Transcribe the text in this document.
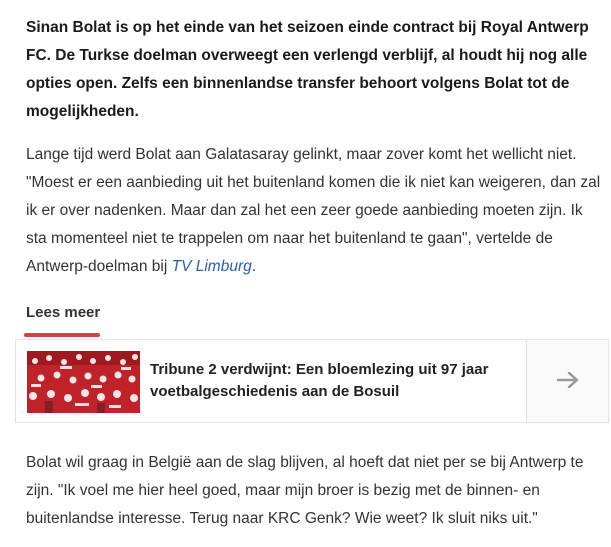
Sinan Bolat is op het einde van het seizoen einde contract bij Royal Antwerp FC. De Turkse doelman overweegt een verlengd verblijf, al houdt hij nog alle opties open. Zelfs een binnenlandse transfer behoort volgens Bolat tot de mogelijkheden.
Lange tijd werd Bolat aan Galatasaray gelinkt, maar zover komt het wellicht niet. "Moest er een aanbieding uit het buitenland komen die ik niet kan weigeren, dan zal ik er over nadenken. Maar dan zal het een zeer goede aanbieding moeten zijn. Ik sta momenteel niet te trappelen om naar het buitenland te gaan", vertelde de Antwerp-doelman bij TV Limburg.
Lees meer
Tribune 2 verdwijnt: Een bloemlezing uit 97 jaar voetbalgeschiedenis aan de Bosuil
Bolat wil graag in België aan de slag blijven, al hoeft dat niet per se bij Antwerp te zijn. "Ik voel me hier heel goed, maar mijn broer is bezig met de binnen- en buitenlandse interesse. Terug naar KRC Genk? Wie weet? Ik sluit niks uit."
